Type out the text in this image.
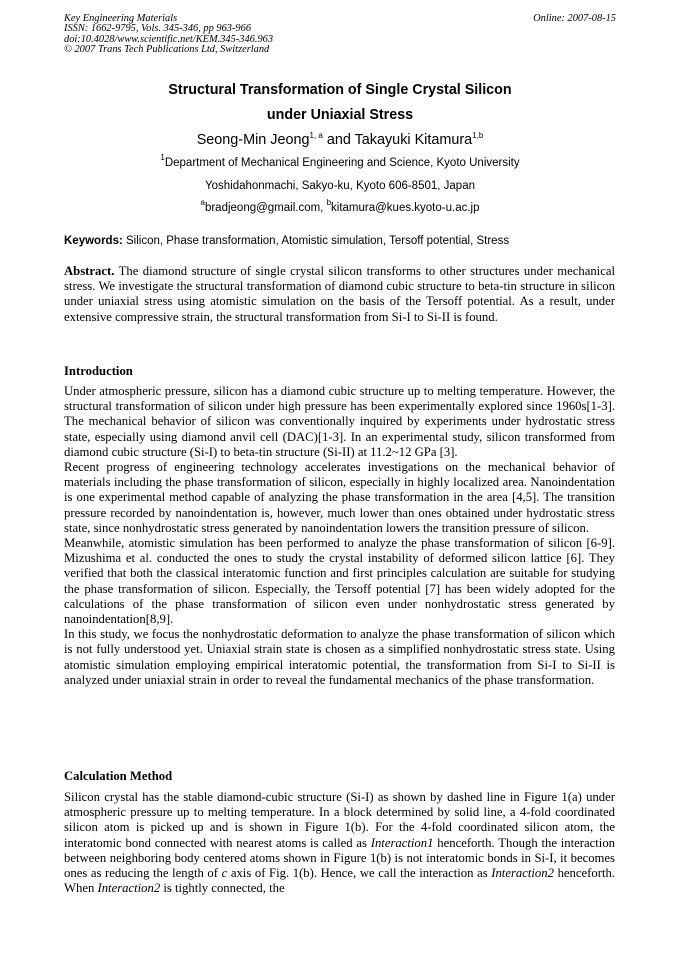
Key Engineering Materials
ISSN: 1662-9795, Vols. 345-346, pp 963-966
doi:10.4028/www.scientific.net/KEM.345-346.963
© 2007 Trans Tech Publications Ltd, Switzerland
Online: 2007-08-15
Structural Transformation of Single Crystal Silicon
under Uniaxial Stress
Seong-Min Jeong$^{1, a}$ and Takayuki Kitamura$^{1,b}$
$^1$Department of Mechanical Engineering and Science, Kyoto University
Yoshidahonmachi, Sakyo-ku, Kyoto 606-8501, Japan
$^a$bradjeong@gmail.com, $^b$kitamura@kues.kyoto-u.ac.jp
Keywords: Silicon, Phase transformation, Atomistic simulation, Tersoff potential, Stress

Abstract. The diamond structure of single crystal silicon transforms to other structures under mechanical stress. We investigate the structural transformation of diamond cubic structure to beta-tin structure in silicon under uniaxial stress using atomistic simulation on the basis of the Tersoff potential. As a result, under extensive compressive strain, the structural transformation from Si-I to Si-II is found.

Introduction

Under atmospheric pressure, silicon has a diamond cubic structure up to melting temperature. However, the structural transformation of silicon under high pressure has been experimentally explored since 1960s[1-3]. The mechanical behavior of silicon was conventionally inquired by experiments under hydrostatic stress state, especially using diamond anvil cell (DAC)[1-3]. In an experimental study, silicon transformed from diamond cubic structure (Si-I) to beta-tin structure (Si-II) at 11.2~12 GPa [3].

Recent progress of engineering technology accelerates investigations on the mechanical behavior of materials including the phase transformation of silicon, especially in highly localized area. Nanoindentation is one experimental method capable of analyzing the phase transformation in the area [4,5]. The transition pressure recorded by nanoindentation is, however, much lower than ones obtained under hydrostatic stress state, since nonhydrostatic stress generated by nanoindentation lowers the transition pressure of silicon.

Meanwhile, atomistic simulation has been performed to analyze the phase transformation of silicon [6-9]. Mizushima et al. conducted the ones to study the crystal instability of deformed silicon lattice [6]. They verified that both the classical interatomic function and first principles calculation are suitable for studying the phase transformation of silicon. Especially, the Tersoff potential [7] has been widely adopted for the calculations of the phase transformation of silicon even under nonhydrostatic stress generated by nanoindentation[8,9].

In this study, we focus the nonhydrostatic deformation to analyze the phase transformation of silicon which is not fully understood yet. Uniaxial strain state is chosen as a simplified nonhydrostatic stress state. Using atomistic simulation employing empirical interatomic potential, the transformation from Si-I to Si-II is analyzed under uniaxial strain in order to reveal the fundamental mechanics of the phase transformation.

Calculation Method

Silicon crystal has the stable diamond-cubic structure (Si-I) as shown by dashed line in Figure 1(a) under atmospheric pressure up to melting temperature. In a block determined by solid line, a 4-fold coordinated silicon atom is picked up and is shown in Figure 1(b). For the 4-fold coordinated silicon atom, the interatomic bond connected with nearest atoms is called as Interaction1 henceforth. Though the interaction between neighboring body centered atoms shown in Figure 1(b) is not interatomic bonds in Si-I, it becomes ones as reducing the length of c axis of Fig. 1(b). Hence, we call the interaction as Interaction2 henceforth. When Interaction2 is tightly connected, the
